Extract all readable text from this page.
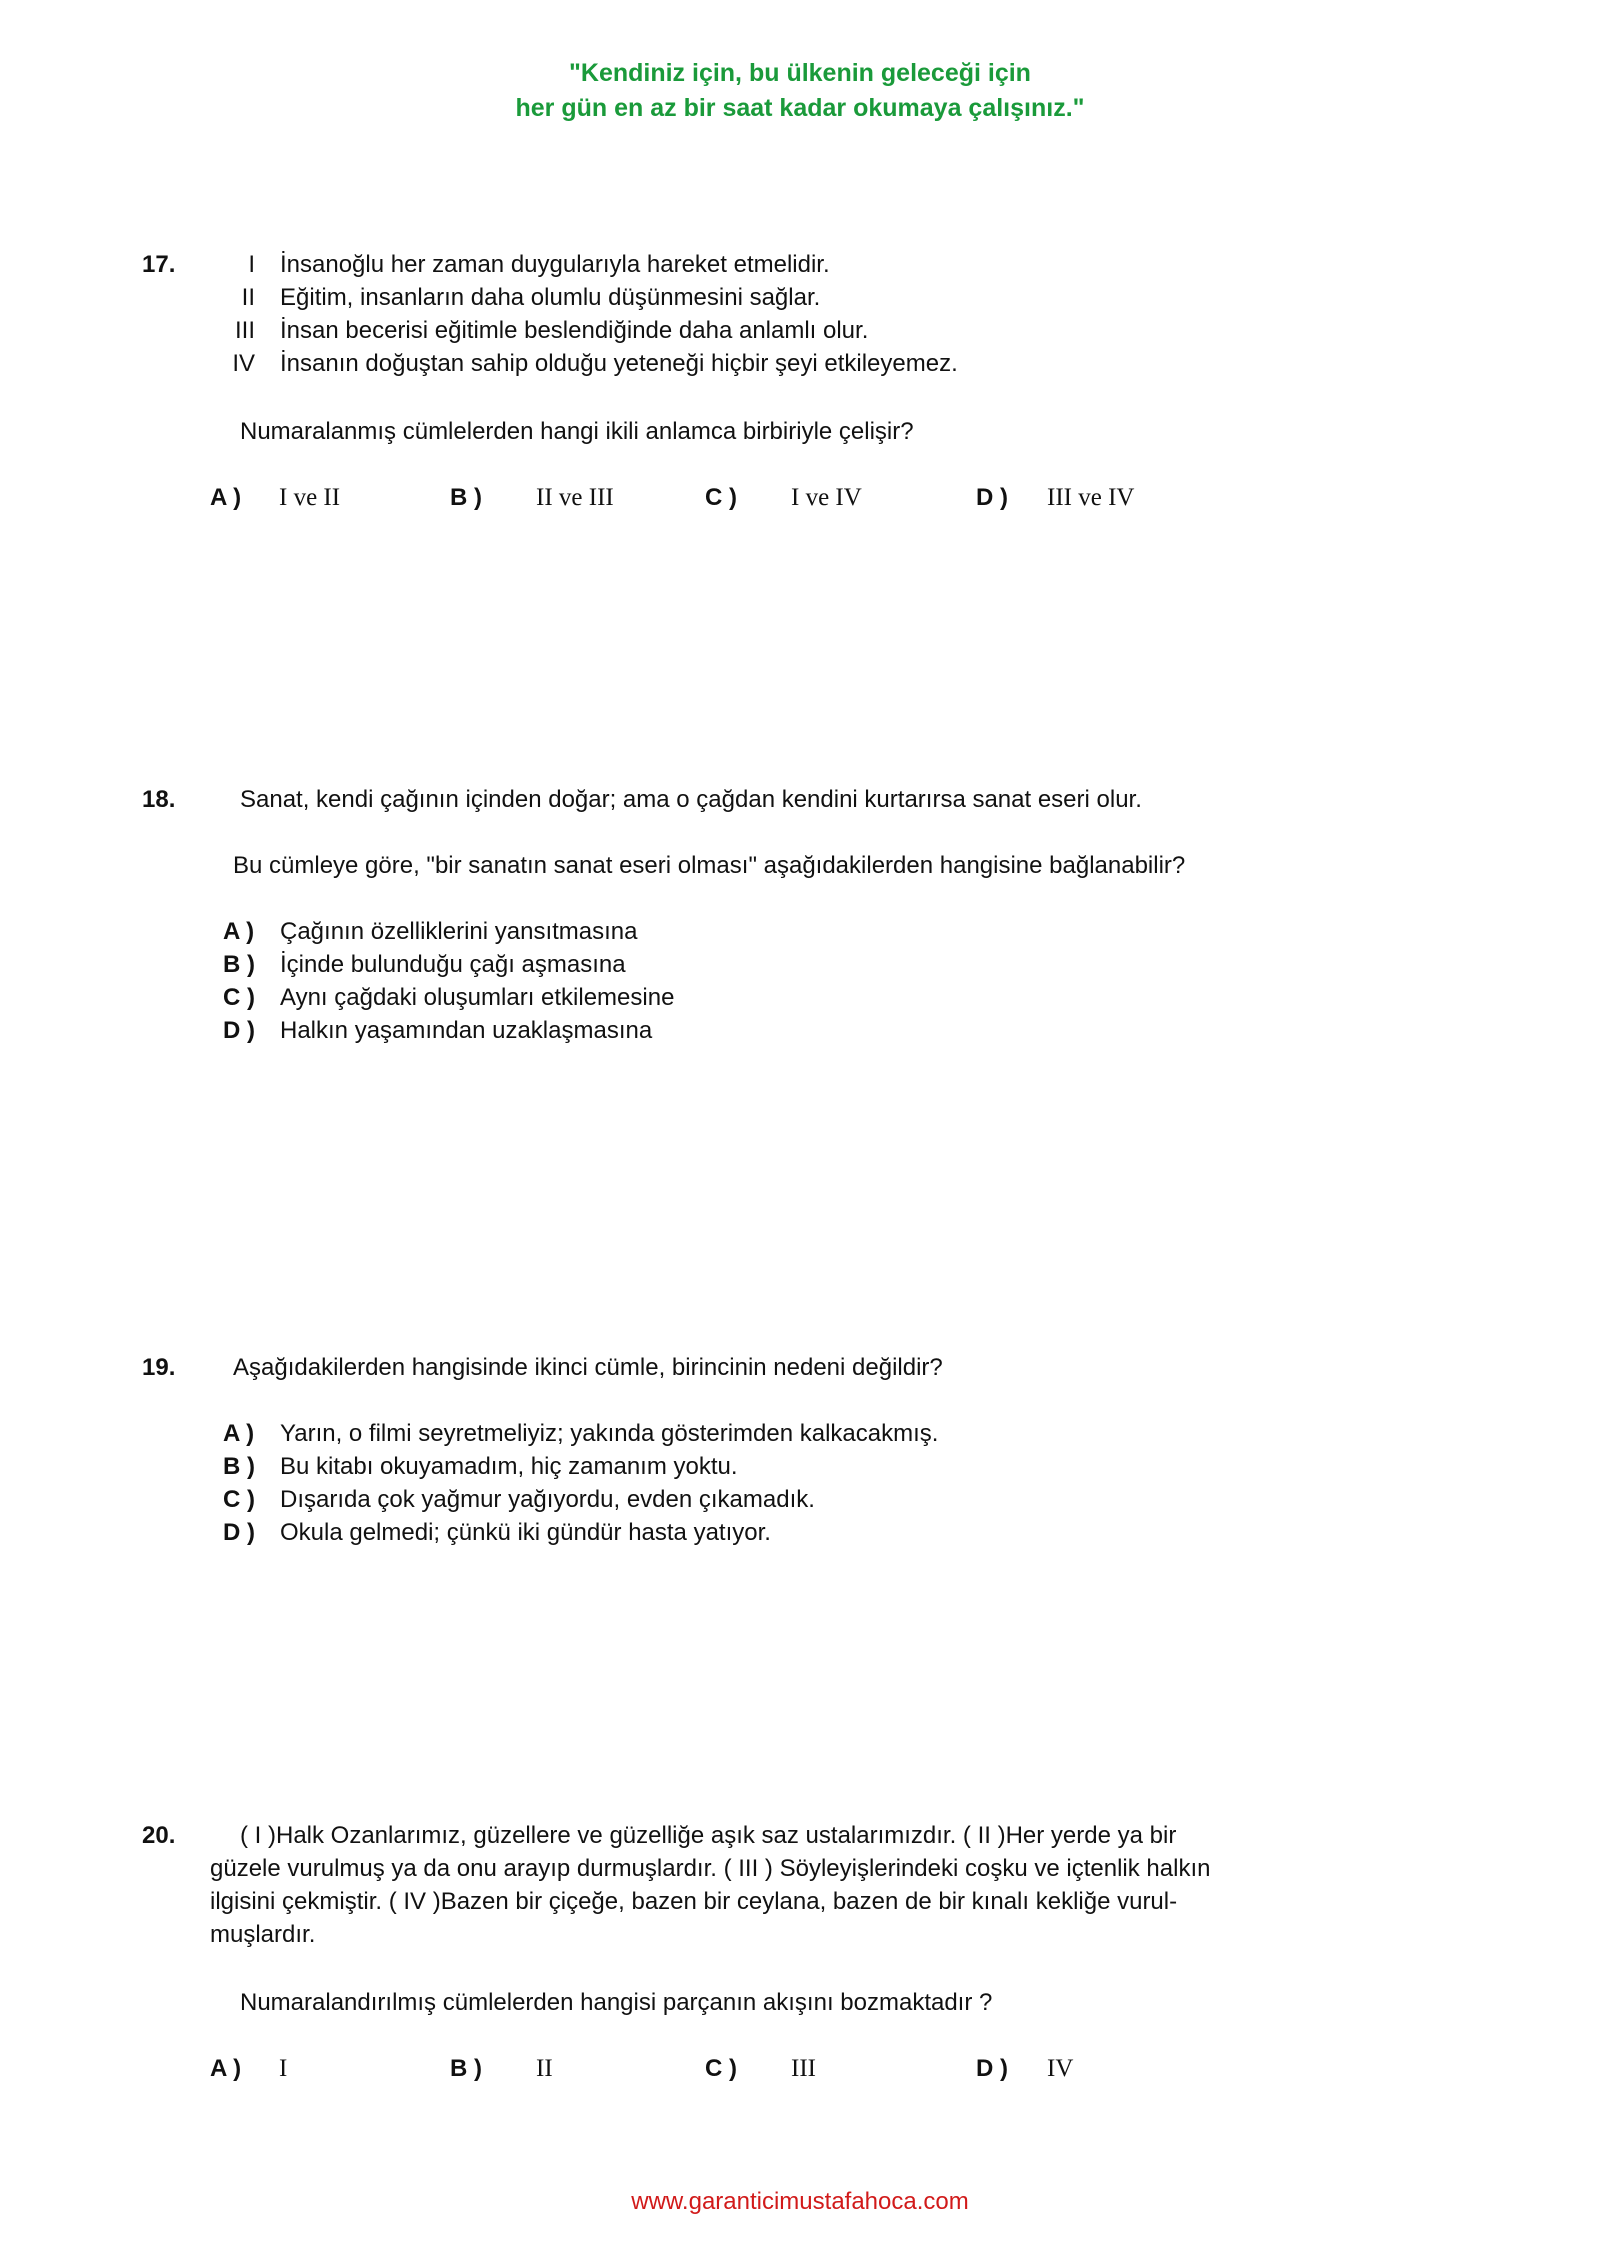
"Kendiniz için, bu ülkenin geleceği için
her gün en az bir saat kadar okumaya çalışınız."
17.	I İnsanoğlu her zaman duygularıyla hareket etmelidir.
II Eğitim, insanların daha olumlu düşünmesini sağlar.
III İnsan becerisi eğitimle beslendiğinde daha anlamlı olur.
IV İnsanın doğuştan sahip olduğu yeteneği hiçbir şeyi etkileyemez.
Numaralanmış cümlelerden hangi ikili anlamca birbiriyle çelişir?
A ) I ve II	B ) II ve III	C ) I ve IV	D ) III ve IV
18.	Sanat, kendi çağının içinden doğar; ama o çağdan kendini kurtarırsa sanat eseri olur.
Bu cümleye göre, "bir sanatın sanat eseri olması" aşağıdakilerden hangisine bağlanabilir?
A ) Çağının özelliklerini yansıtmasına
B ) İçinde bulunduğu çağı aşmasına
C ) Aynı çağdaki oluşumları etkilemesine
D ) Halkın yaşamından uzaklaşmasına
19. Aşağıdakilerden hangisinde ikinci cümle, birincinin nedeni değildir?
A ) Yarın, o filmi seyretmeliyiz; yakında gösterimden kalkacakmış.
B ) Bu kitabı okuyamadım, hiç zamanım yoktu.
C ) Dışarıda çok yağmur yağıyordu, evden çıkamadık.
D ) Okula gelmedi; çünkü iki gündür hasta yatıyor.
20.	( I )Halk Ozanlarımız, güzellere ve güzelliğe aşık saz ustalarımızdır. ( II )Her yerde ya bir
güzele vurulmuş ya da onu arayıp durmuşlardır. ( III ) Söyleyişlerindeki coşku ve içtenlik halkın
ilgisini çekmiştir. ( IV )Bazen bir çiçeğe, bazen bir ceylana, bazen de bir kınalı kekliğe vurul-
muşlardır.
Numaralandırılmış cümlelerden hangisi parçanın akışını bozmaktadır ?
A ) I	B ) II	C ) III	D ) IV
www.garanticimustafahoca.com
